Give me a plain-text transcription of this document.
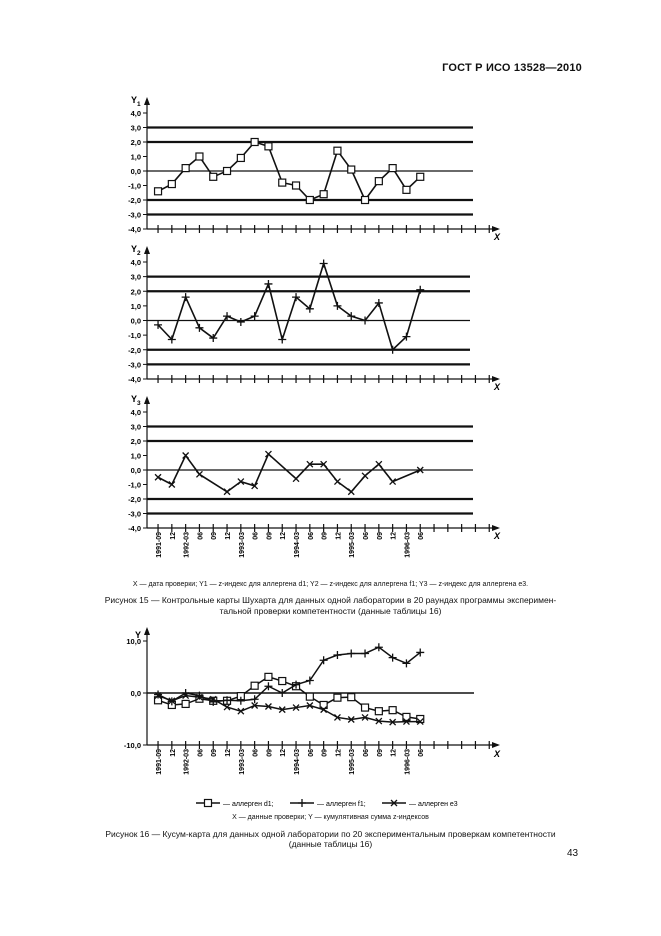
ГОСТ Р ИСО 13528—2010
Y 1
4,0
3,0
2,0
1,0
0,0
-1,0
-2,0
-3,0
-4,0
X
Y 2
4,0
3,0
2,0
1,0
0,0
-1,0
-2,0
-3,0
-4,0
X
Y 3
4,0
3,0
2,0
1,0
0,0
-1,0
-2,0
-3,0
-4,0
X
1991-09 12 1992-03 06 09 12 1993-03 06 09 12 1994-03 06 09 12 1995-03 06 09 12 1996-03 06
Y
10,0
0,0
-10,0
X
1991-09 12 1992-03 06 09 12 1993-03 06 09 12 1994-03 06 09 12 1995-03 06 09 12 1996-03 06
X — дата проверки; Y1 — z-индекс для аллергена d1; Y2 — z-индекс для аллергена f1; Y3 — z-индекс для аллергена e3.
Рисунок 15 — Контрольные карты Шухарта для данных одной лаборатории в 20 раундах программы эксперимен-
тальной проверки компетентности (данные таблицы 16)
— аллерген d1;	— аллерген f1;	— аллерген e3
X — данные проверки; Y — кумулятивная сумма z-индексов
Рисунок 16 — Кусум-карта для данных одной лаборатории по 20 экспериментальным проверкам компетентности
(данные таблицы 16)
43
